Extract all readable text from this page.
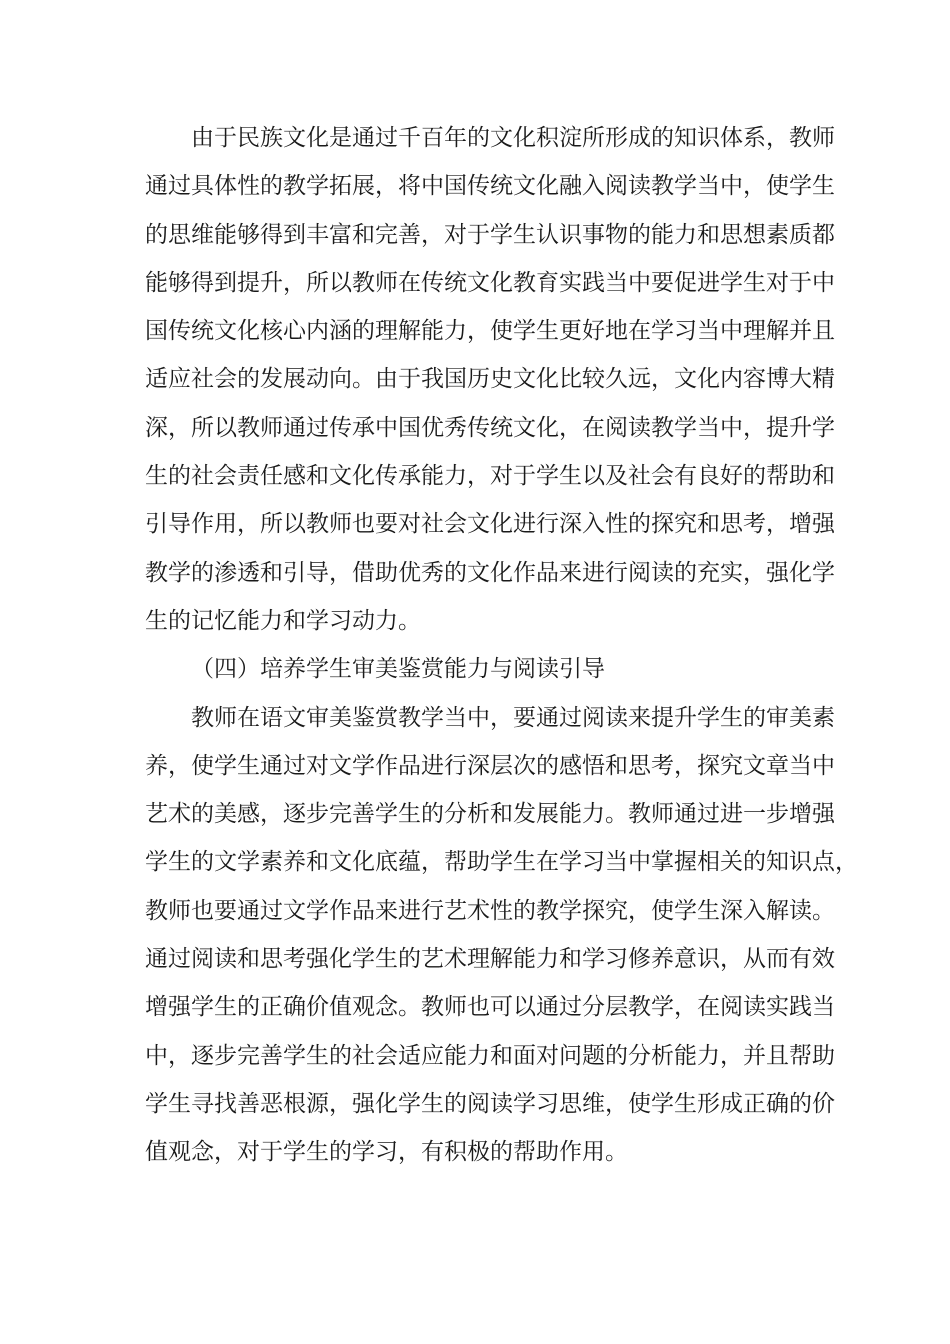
由于民族文化是通过千百年的文化积淀所形成的知识体系，教师
通过具体性的教学拓展，将中国传统文化融入阅读教学当中，使学生
的思维能够得到丰富和完善，对于学生认识事物的能力和思想素质都
能够得到提升，所以教师在传统文化教育实践当中要促进学生对于中
国传统文化核心内涵的理解能力，使学生更好地在学习当中理解并且
适应社会的发展动向。由于我国历史文化比较久远，文化内容博大精
深，所以教师通过传承中国优秀传统文化，在阅读教学当中，提升学
生的社会责任感和文化传承能力，对于学生以及社会有良好的帮助和
引导作用，所以教师也要对社会文化进行深入性的探究和思考，增强
教学的渗透和引导，借助优秀的文化作品来进行阅读的充实，强化学
生的记忆能力和学习动力。
（四）培养学生审美鉴赏能力与阅读引导
教师在语文审美鉴赏教学当中，要通过阅读来提升学生的审美素
养，使学生通过对文学作品进行深层次的感悟和思考，探究文章当中
艺术的美感，逐步完善学生的分析和发展能力。教师通过进一步增强
学生的文学素养和文化底蕴，帮助学生在学习当中掌握相关的知识点，
教师也要通过文学作品来进行艺术性的教学探究，使学生深入解读。
通过阅读和思考强化学生的艺术理解能力和学习修养意识，从而有效
增强学生的正确价值观念。教师也可以通过分层教学，在阅读实践当
中，逐步完善学生的社会适应能力和面对问题的分析能力，并且帮助
学生寻找善恶根源，强化学生的阅读学习思维，使学生形成正确的价
值观念，对于学生的学习，有积极的帮助作用。
